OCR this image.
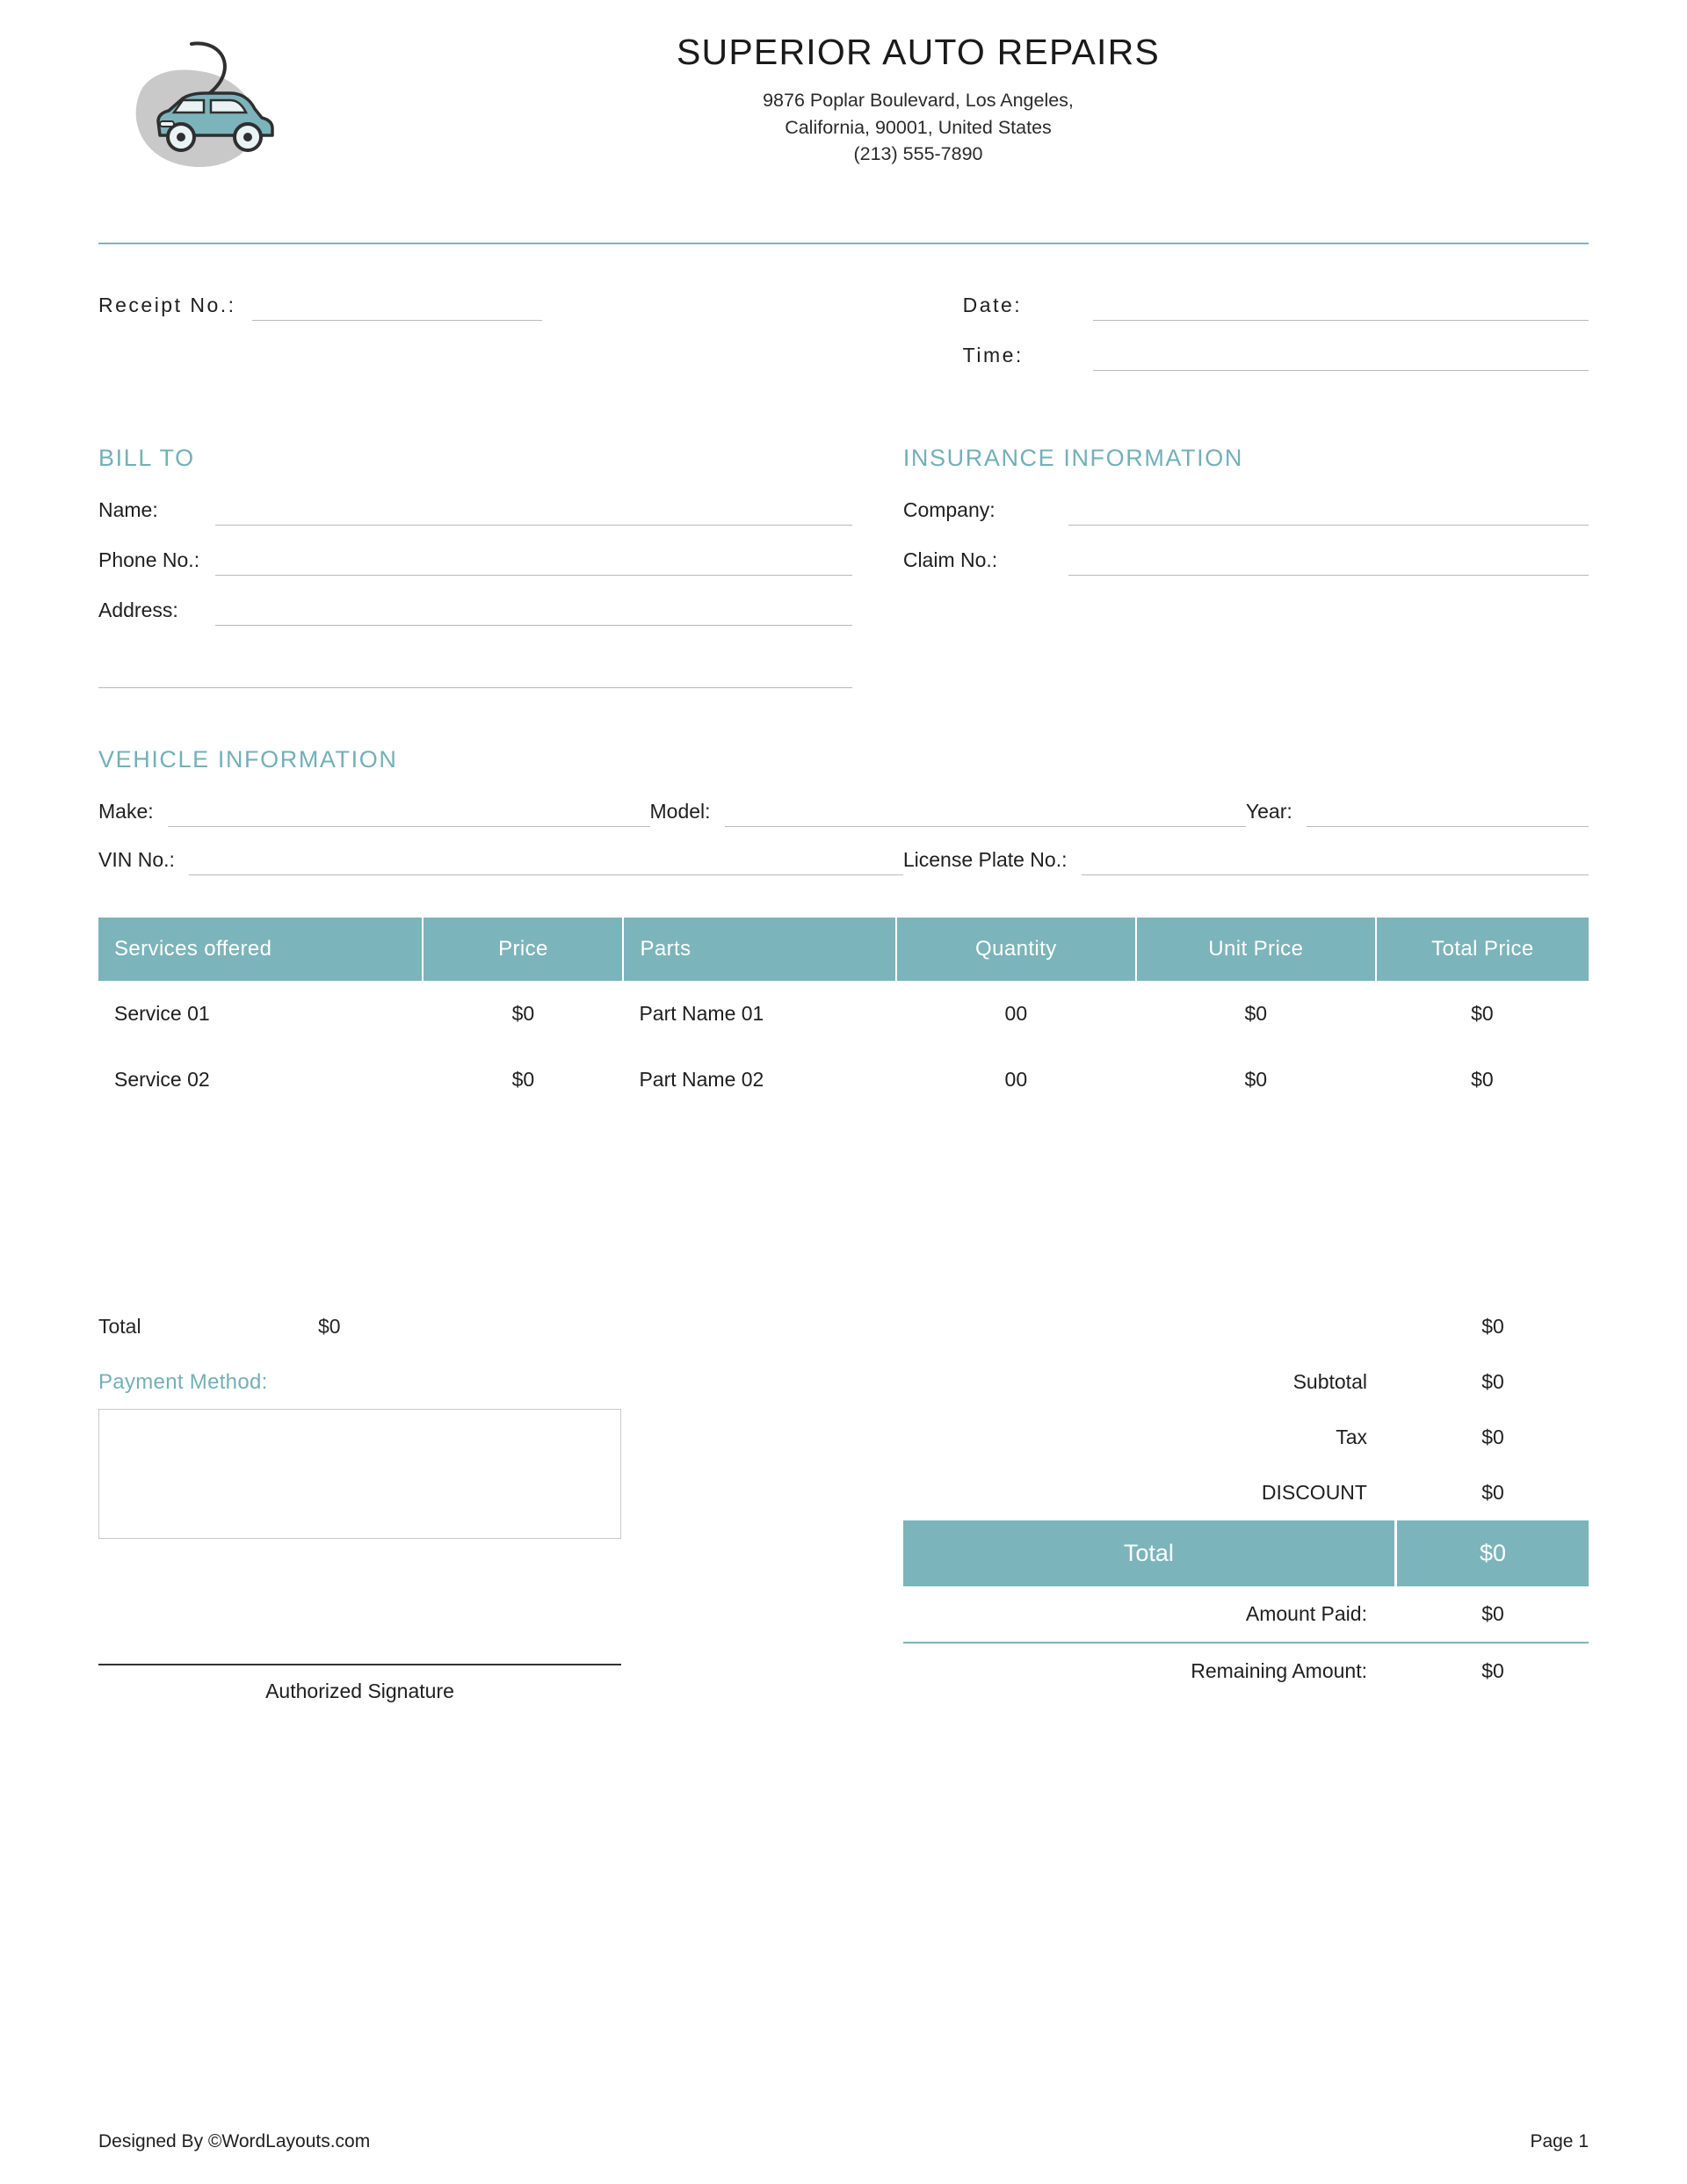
SUPERIOR AUTO REPAIRS
9876 Poplar Boulevard, Los Angeles,
California, 90001, United States
(213) 555-7890
Receipt No.:	Date:
Time:
BILL TO
Name:
Phone No.:
Address:
INSURANCE INFORMATION
Company:
Claim No.:
VEHICLE INFORMATION
Make:	Model:	Year:
VIN No.:	License Plate No.:
Services offered	Price	Parts	Quantity	Unit Price	Total Price
Service 01	$0	Part Name 01	00	$0	$0
Service 02	$0	Part Name 02	00	$0	$0
Total	$0
Payment Method:
Authorized Signature
$0
Subtotal	$0
Tax	$0
DISCOUNT	$0
Total	$0
Amount Paid:	$0
Remaining Amount:	$0
Designed By ©WordLayouts.com	Page 1
